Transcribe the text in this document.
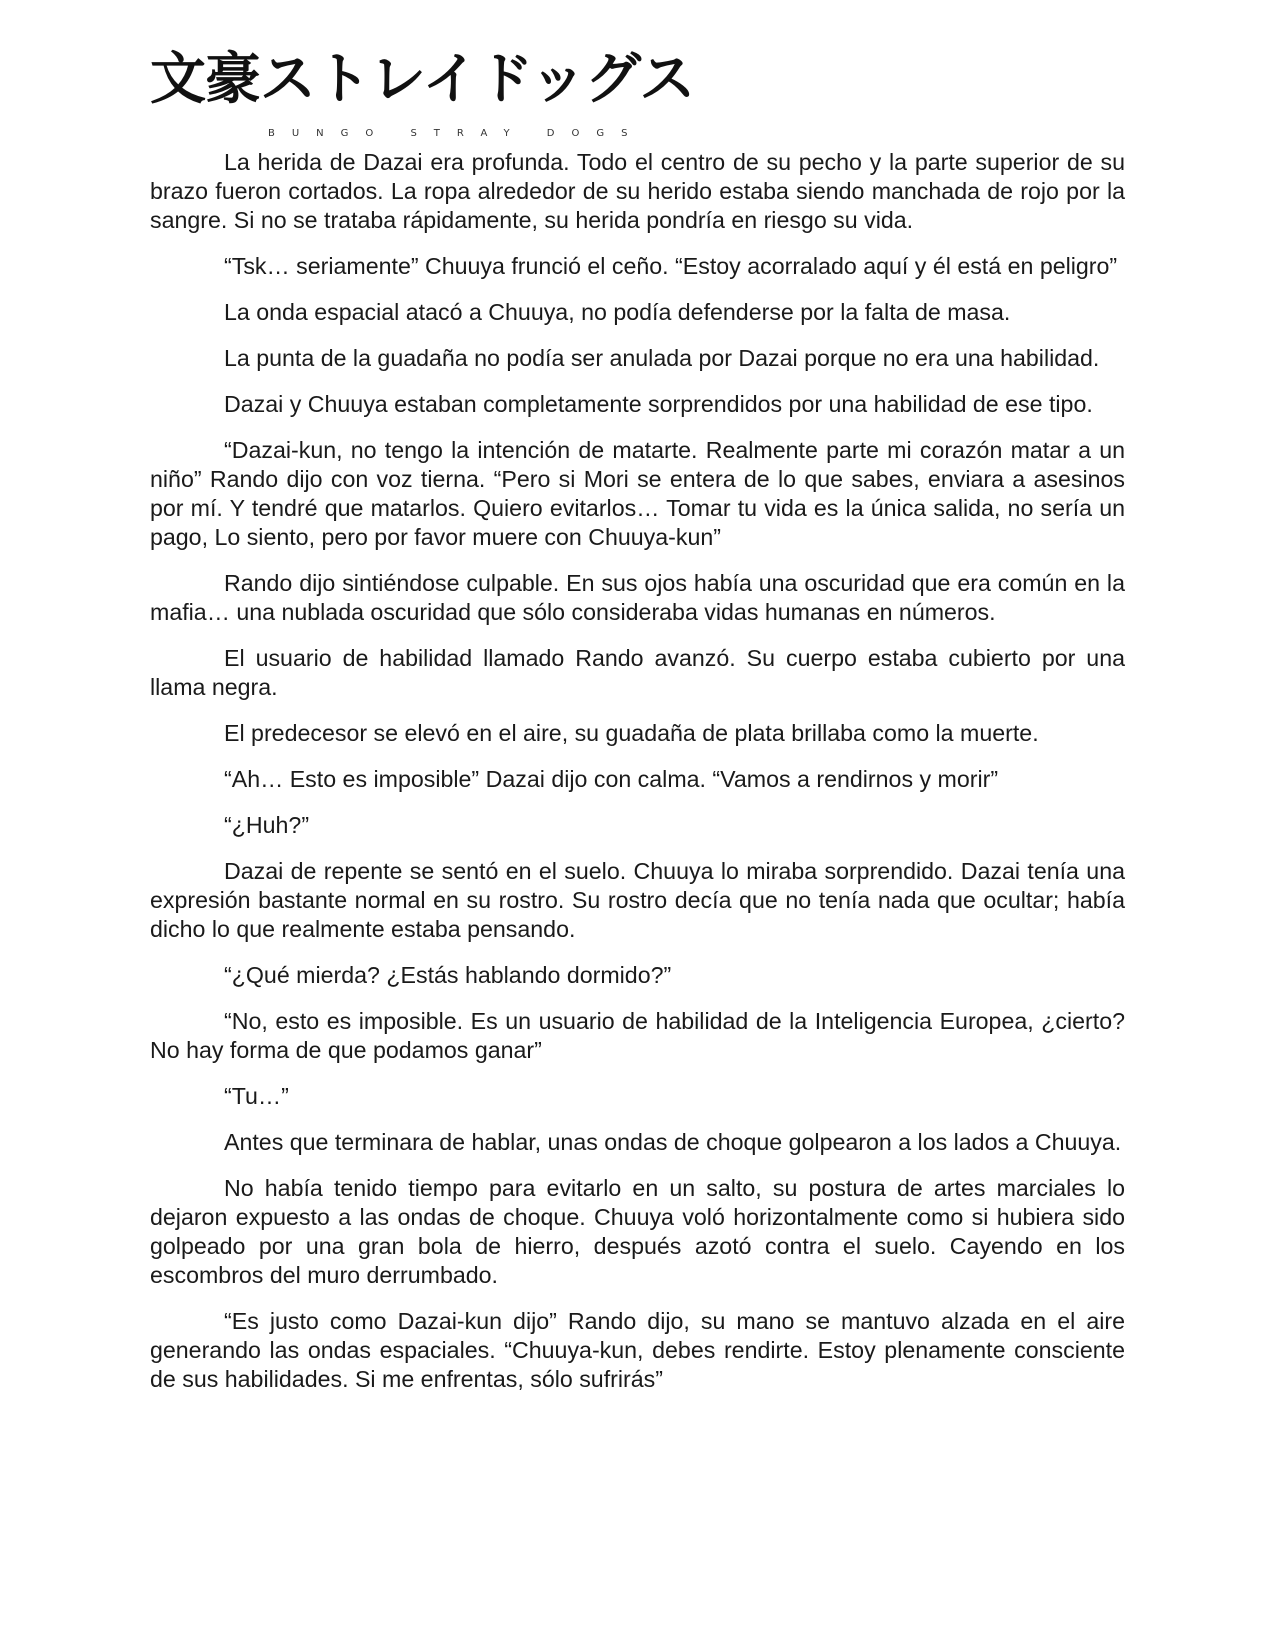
文豪ストレイドッグス
BUNGO STRAY DOGS

La herida de Dazai era profunda. Todo el centro de su pecho y la parte superior de su brazo fueron cortados. La ropa alrededor de su herido estaba siendo manchada de rojo por la sangre. Si no se trataba rápidamente, su herida pondría en riesgo su vida.

“Tsk… seriamente” Chuuya frunció el ceño. “Estoy acorralado aquí y él está en peligro”

La onda espacial atacó a Chuuya, no podía defenderse por la falta de masa.

La punta de la guadaña no podía ser anulada por Dazai porque no era una habilidad.

Dazai y Chuuya estaban completamente sorprendidos por una habilidad de ese tipo.

“Dazai-kun, no tengo la intención de matarte. Realmente parte mi corazón matar a un niño” Rando dijo con voz tierna. “Pero si Mori se entera de lo que sabes, enviara a asesinos por mí. Y tendré que matarlos. Quiero evitarlos… Tomar tu vida es la única salida, no sería un pago, Lo siento, pero por favor muere con Chuuya-kun”

Rando dijo sintiéndose culpable. En sus ojos había una oscuridad que era común en la mafia… una nublada oscuridad que sólo consideraba vidas humanas en números.

El usuario de habilidad llamado Rando avanzó. Su cuerpo estaba cubierto por una llama negra.

El predecesor se elevó en el aire, su guadaña de plata brillaba como la muerte.

“Ah… Esto es imposible” Dazai dijo con calma. “Vamos a rendirnos y morir”

“¿Huh?”

Dazai de repente se sentó en el suelo. Chuuya lo miraba sorprendido. Dazai tenía una expresión bastante normal en su rostro. Su rostro decía que no tenía nada que ocultar; había dicho lo que realmente estaba pensando.

“¿Qué mierda? ¿Estás hablando dormido?”

“No, esto es imposible. Es un usuario de habilidad de la Inteligencia Europea, ¿cierto? No hay forma de que podamos ganar”

“Tu…”

Antes que terminara de hablar, unas ondas de choque golpearon a los lados a Chuuya.

No había tenido tiempo para evitarlo en un salto, su postura de artes marciales lo dejaron expuesto a las ondas de choque. Chuuya voló horizontalmente como si hubiera sido golpeado por una gran bola de hierro, después azotó contra el suelo. Cayendo en los escombros del muro derrumbado.

“Es justo como Dazai-kun dijo” Rando dijo, su mano se mantuvo alzada en el aire generando las ondas espaciales. “Chuuya-kun, debes rendirte. Estoy plenamente consciente de sus habilidades. Si me enfrentas, sólo sufrirás”
